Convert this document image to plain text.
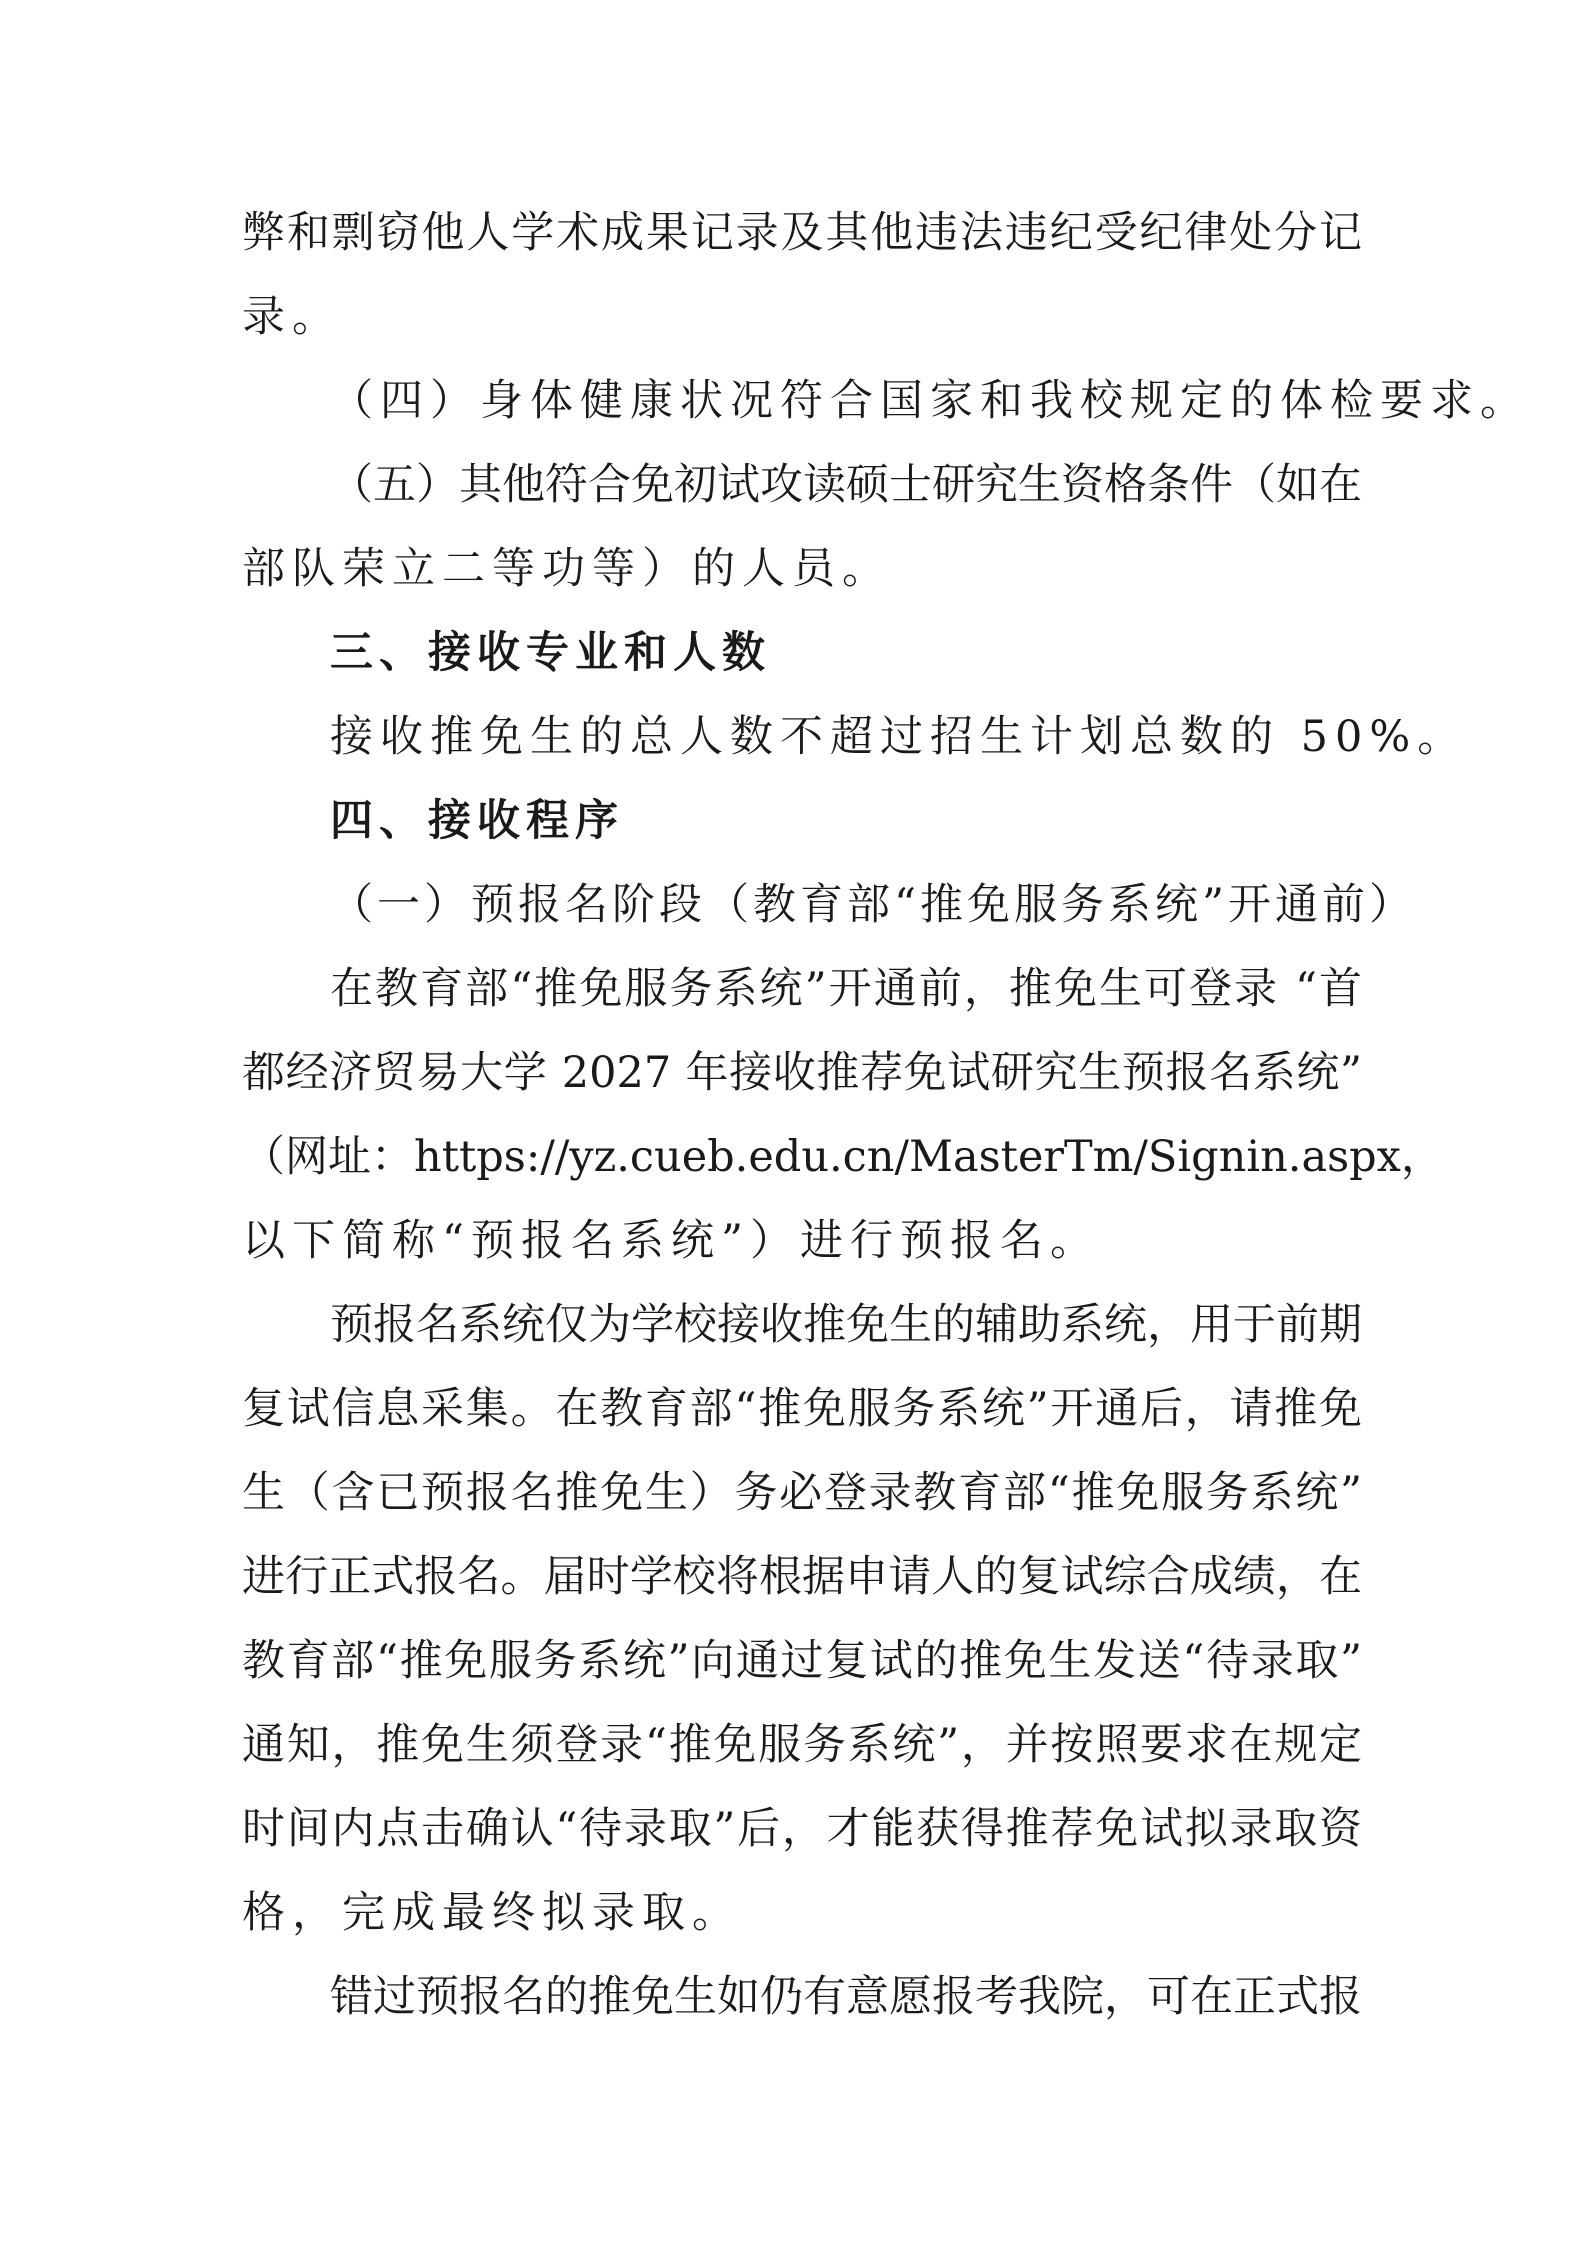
弊和剽窃他人学术成果记录及其他违法违纪受纪律处分记
录。
（四）身体健康状况符合国家和我校规定的体检要求。
（五）其他符合免初试攻读硕士研究生资格条件（如在
部队荣立二等功等）的人员。
三、接收专业和人数
接收推免生的总人数不超过招生计划总数的 50%。
四、接收程序
（一）预报名阶段（教育部“推免服务系统”开通前）
在教育部“推免服务系统”开通前，推免生可登录 “首
都经济贸易大学 2027 年接收推荐免试研究生预报名系统”
（网址：https://yz.cueb.edu.cn/MasterTm/Signin.aspx，
以下简称“预报名系统”）进行预报名。
预报名系统仅为学校接收推免生的辅助系统，用于前期
复试信息采集。在教育部“推免服务系统”开通后，请推免
生（含已预报名推免生）务必登录教育部“推免服务系统”
进行正式报名。届时学校将根据申请人的复试综合成绩，在
教育部“推免服务系统”向通过复试的推免生发送“待录取”
通知，推免生须登录“推免服务系统”，并按照要求在规定
时间内点击确认“待录取”后，才能获得推荐免试拟录取资
格，完成最终拟录取。
错过预报名的推免生如仍有意愿报考我院，可在正式报
